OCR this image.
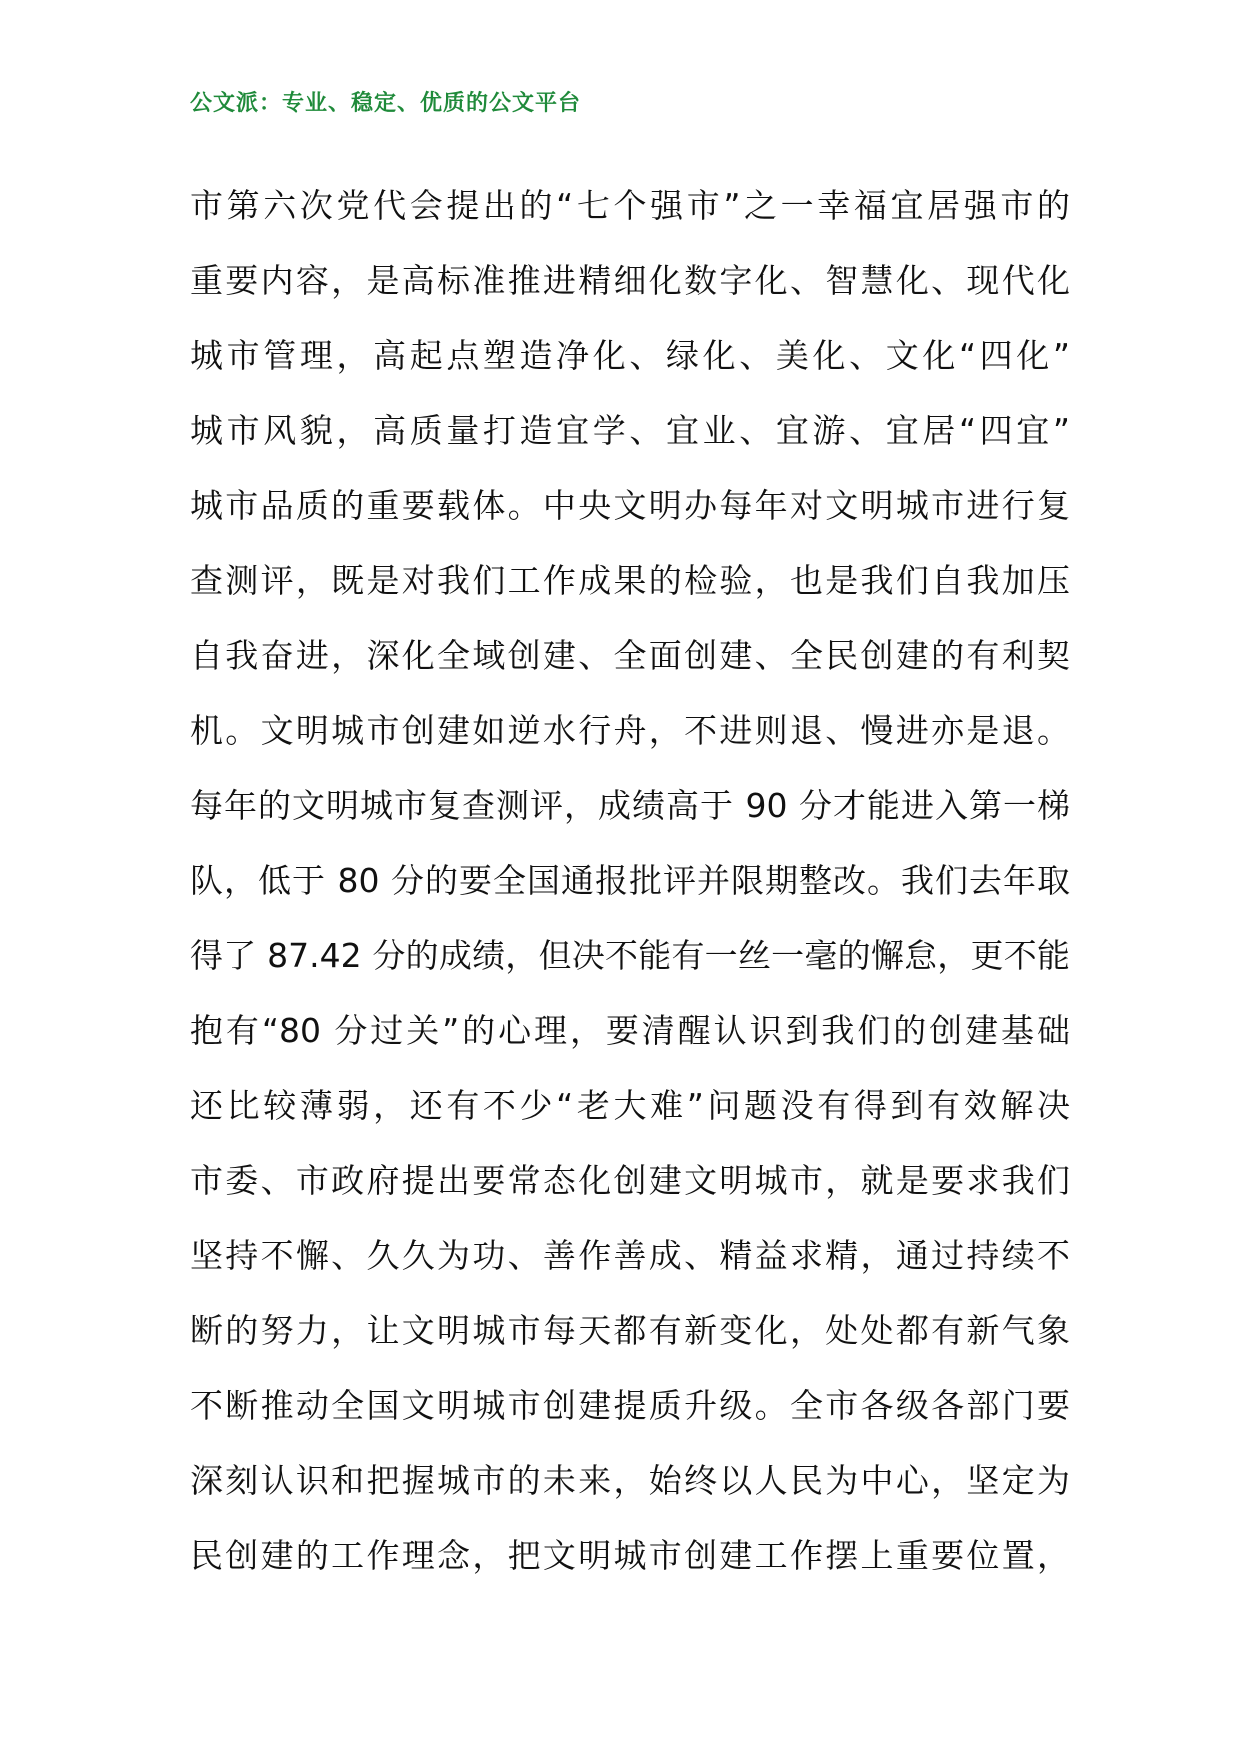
公文派：专业、稳定、优质的公文平台
市第六次党代会提出的“七个强市”之一幸福宜居强市的
重要内容，是高标准推进精细化数字化、智慧化、现代化
城市管理，高起点塑造净化、绿化、美化、文化“四化”
城市风貌，高质量打造宜学、宜业、宜游、宜居“四宜”
城市品质的重要载体。中央文明办每年对文明城市进行复
查测评，既是对我们工作成果的检验，也是我们自我加压
自我奋进，深化全域创建、全面创建、全民创建的有利契
机。文明城市创建如逆水行舟，不进则退、慢进亦是退。
每年的文明城市复查测评，成绩高于 90 分才能进入第一梯
队，低于 80 分的要全国通报批评并限期整改。我们去年取
得了 87.42 分的成绩，但决不能有一丝一毫的懈怠，更不能
抱有“80 分过关”的心理，要清醒认识到我们的创建基础
还比较薄弱，还有不少“老大难”问题没有得到有效解决
市委、市政府提出要常态化创建文明城市，就是要求我们
坚持不懈、久久为功、善作善成、精益求精，通过持续不
断的努力，让文明城市每天都有新变化，处处都有新气象
不断推动全国文明城市创建提质升级。全市各级各部门要
深刻认识和把握城市的未来，始终以人民为中心，坚定为
民创建的工作理念，把文明城市创建工作摆上重要位置，
